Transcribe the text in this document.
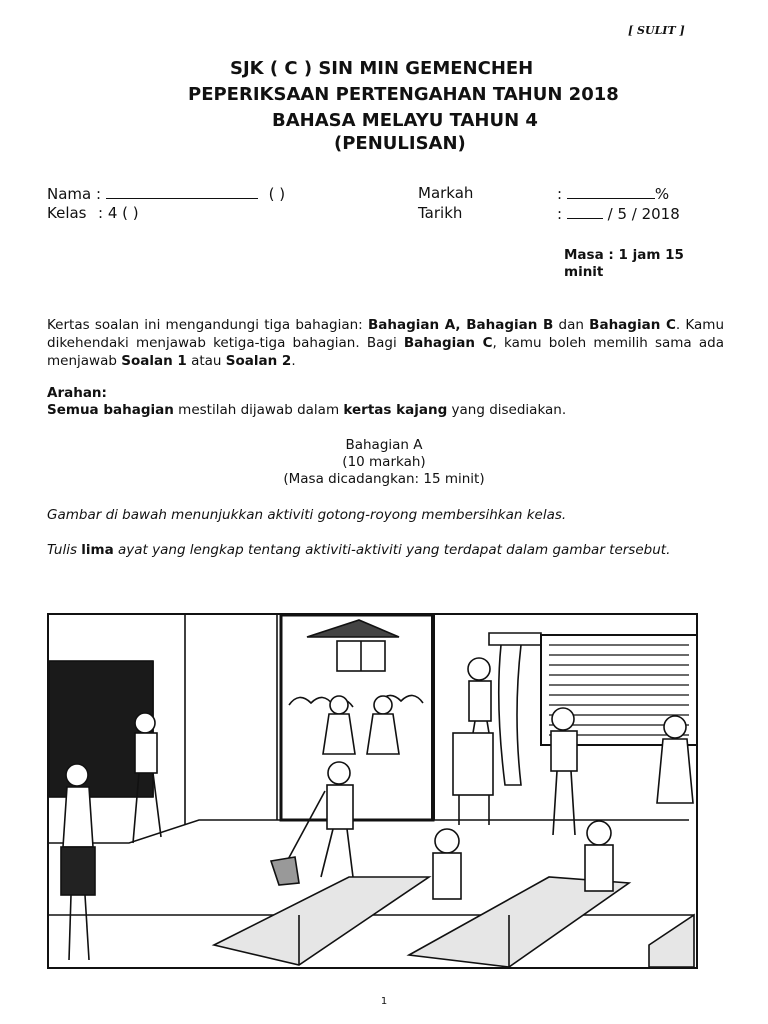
[ SULIT ]
SJK ( C ) SIN MIN GEMENCHEH
PEPERIKSAAN PERTENGAHAN TAHUN 2018
BAHASA MELAYU TAHUN 4
(PENULISAN)
Nama :	( )
Kelas : 4 ( )
Markah	:	%
Tarikh	:	/ 5 / 2018
Masa : 1 jam 15
minit
Kertas soalan ini mengandungi tiga bahagian: Bahagian A, Bahagian B dan Bahagian C. Kamu dikehendaki menjawab ketiga-tiga bahagian. Bagi Bahagian C, kamu boleh memilih sama ada menjawab Soalan 1 atau Soalan 2.
Arahan:
Semua bahagian mestilah dijawab dalam kertas kajang yang disediakan.
Bahagian A
(10 markah)
(Masa dicadangkan: 15 minit)
Gambar di bawah menunjukkan aktiviti gotong-royong membersihkan kelas.
Tulis lima ayat yang lengkap tentang aktiviti-aktiviti yang terdapat dalam gambar tersebut.
1
